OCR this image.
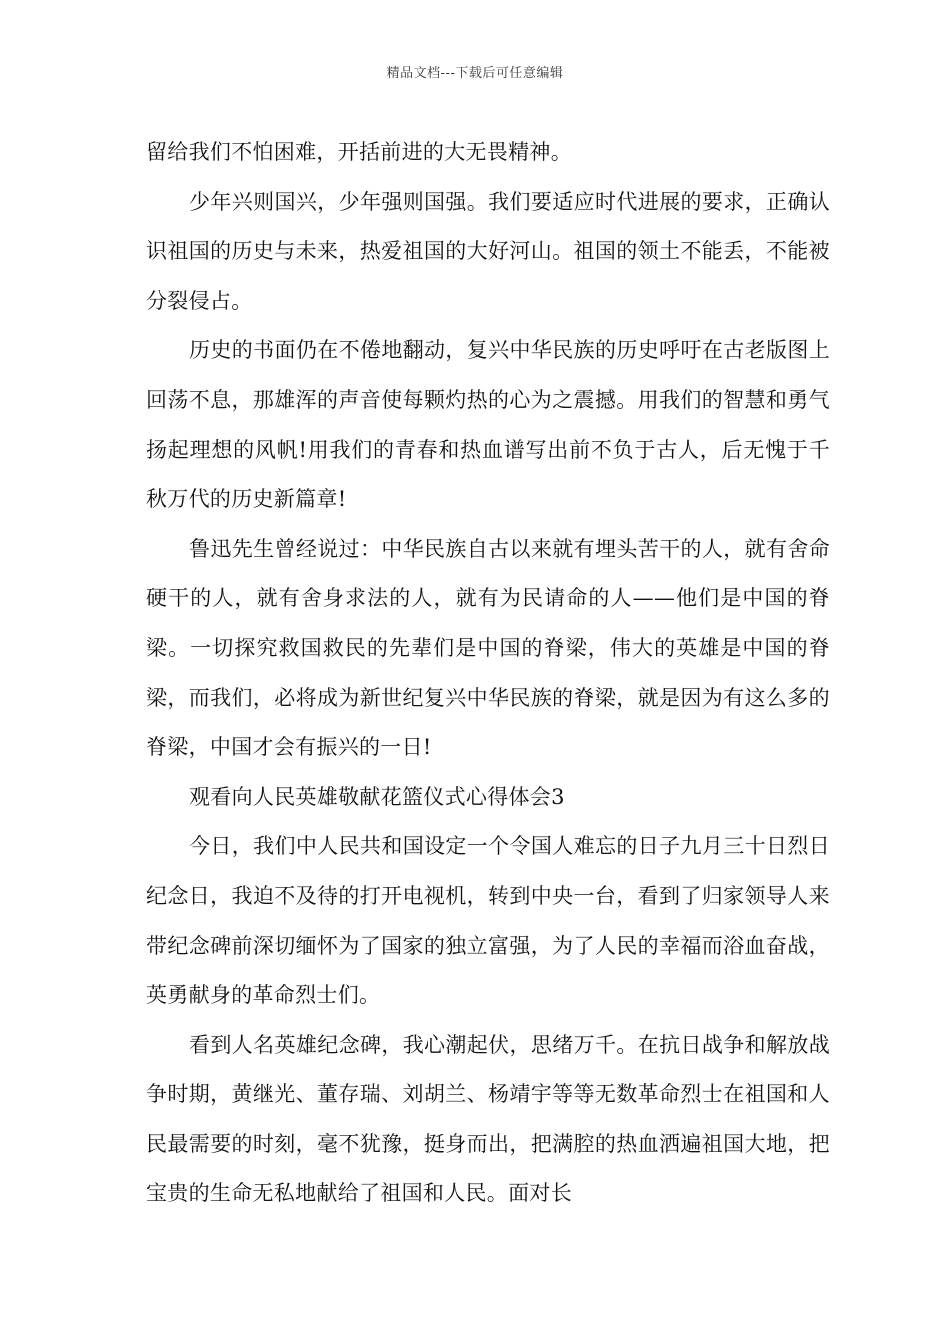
精品文档---下载后可任意编辑

留给我们不怕困难，开括前进的大无畏精神。

少年兴则国兴，少年强则国强。我们要适应时代进展的要求，正确认识祖国的历史与未来，热爱祖国的大好河山。祖国的领土不能丢，不能被分裂侵占。

历史的书面仍在不倦地翻动，复兴中华民族的历史呼吁在古老版图上回荡不息，那雄浑的声音使每颗灼热的心为之震撼。用我们的智慧和勇气扬起理想的风帆!用我们的青春和热血谱写出前不负于古人，后无愧于千秋万代的历史新篇章!

鲁迅先生曾经说过：中华民族自古以来就有埋头苦干的人，就有舍命硬干的人，就有舍身求法的人，就有为民请命的人——他们是中国的脊梁。一切探究救国救民的先辈们是中国的脊梁，伟大的英雄是中国的脊梁，而我们，必将成为新世纪复兴中华民族的脊梁，就是因为有这么多的脊梁，中国才会有振兴的一日!

观看向人民英雄敬献花篮仪式心得体会3

今日，我们中人民共和国设定一个令国人难忘的日子九月三十日烈日纪念日，我迫不及待的打开电视机，转到中央一台，看到了归家领导人来带纪念碑前深切缅怀为了国家的独立富强，为了人民的幸福而浴血奋战，英勇献身的革命烈士们。

看到人名英雄纪念碑，我心潮起伏，思绪万千。在抗日战争和解放战争时期，黄继光、董存瑞、刘胡兰、杨靖宇等等无数革命烈士在祖国和人民最需要的时刻，毫不犹豫，挺身而出，把满腔的热血洒遍祖国大地，把宝贵的生命无私地献给了祖国和人民。面对长
